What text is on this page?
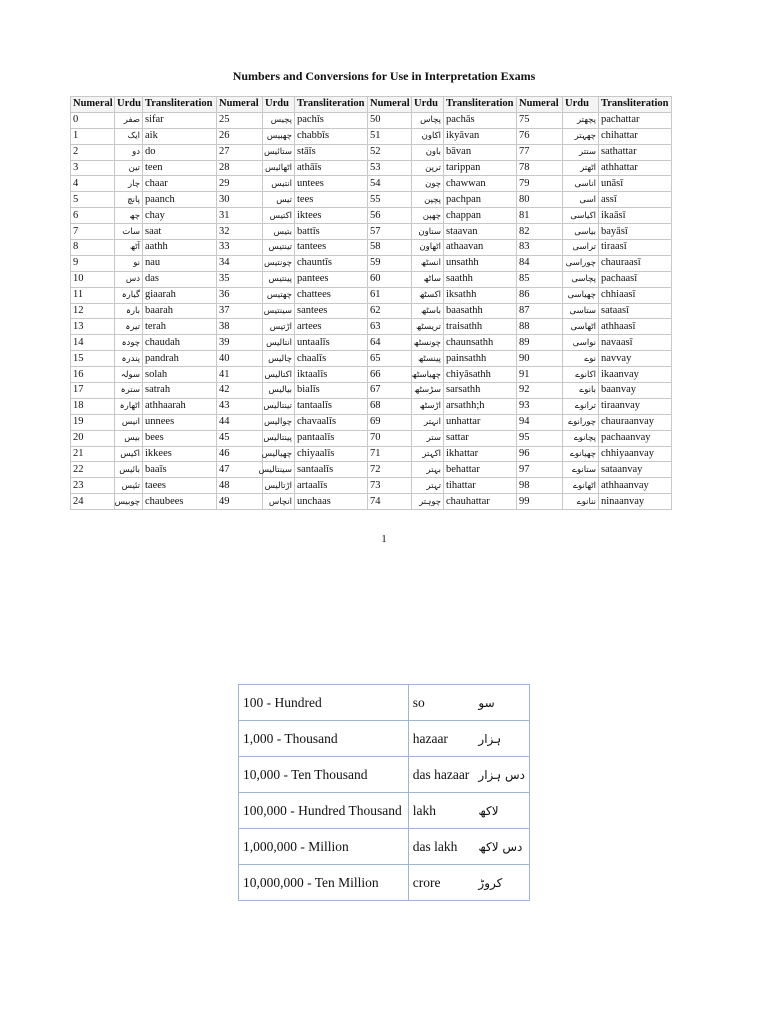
Numbers and Conversions for Use in Interpretation Exams
Numeral	Urdu	Transliteration	Numeral	Urdu	Transliteration	Numeral	Urdu	Transliteration	Numeral	Urdu	Transliteration
0	صفر	sifar	25	پچیس	pachīs	50	پچاس	pachās	75	پچھتر	pachattar
1	ایک	aik	26	چھبیس	chabbīs	51	اکاون	ikyāvan	76	چھہتر	chihattar
2	دو	do	27	ستائیس	stāīs	52	باون	bāvan	77	ستتر	sathattar
3	تین	teen	28	اٹھائیس	athāīs	53	ترپن	tarippan	78	اٹھتر	athhattar
4	چار	chaar	29	انتیس	untees	54	چون	chawwan	79	اناسی	unāsī
5	پانچ	paanch	30	تیس	tees	55	پچپن	pachpan	80	اسی	assī
6	چھ	chay	31	اکتیس	iktees	56	چھپن	chappan	81	اکیاسی	ikaāsī
7	سات	saat	32	بتیس	battīs	57	ستاون	staavan	82	بیاسی	bayāsī
8	آٹھ	aathh	33	تینتیس	tantees	58	اٹھاون	athaavan	83	تراسی	tiraasī
9	نو	nau	34	چونتیس	chauntīs	59	انسٹھ	unsathh	84	چوراسی	chauraasī
10	دس	das	35	پینتیس	pantees	60	ساٹھ	saathh	85	پچاسی	pachaasī
11	گیارہ	giaarah	36	چھتیس	chattees	61	اکسٹھ	iksathh	86	چھیاسی	chhiaasī
12	بارہ	baarah	37	سینتیس	santees	62	باسٹھ	baasathh	87	ستاسی	sataasī
13	تیرہ	terah	38	اڑتیس	artees	63	تریسٹھ	traisathh	88	اٹھاسی	athhaasī
14	چودہ	chaudah	39	انتالیس	untaalīs	64	چونسٹھ	chaunsathh	89	نواسی	navaasī
15	پندرہ	pandrah	40	چالیس	chaalīs	65	پینسٹھ	painsathh	90	نوے	navvay
16	سولہ	solah	41	اکتالیس	iktaalīs	66	چھیاسٹھ	chiyāsathh	91	اکانوے	ikaanvay
17	سترہ	satrah	42	بیالیس	bialīs	67	سڑسٹھ	sarsathh	92	بانوے	baanvay
18	اٹھارہ	athhaarah	43	تینتالیس	tantaalīs	68	اڑسٹھ	arsathh;h	93	ترانوے	tiraanvay
19	انیس	unnees	44	چوالیس	chavaalīs	69	انہتر	unhattar	94	چورانوے	chauraanvay
20	بیس	bees	45	پینتالیس	pantaalīs	70	ستر	sattar	95	پچانوے	pachaanvay
21	اکیس	ikkees	46	چھیالیس	chiyaalīs	71	اکہتر	ikhattar	96	چھیانوے	chhiyaanvay
22	بائیس	baaīs	47	سینتالیس	santaalīs	72	بہتر	behattar	97	ستانوے	sataanvay
23	تئیس	taees	48	اڑتالیس	artaalīs	73	تہتر	tihattar	98	اٹھانوے	athhaanvay
24	چوبیس	chaubees	49	انچاس	unchaas	74	چوہتر	chauhattar	99	ننانوے	ninaanvay
1
100 - Hundred	so	سو
1,000 - Thousand	hazaar	ہزار
10,000 - Ten Thousand	das hazaar	دس ہزار
100,000 - Hundred Thousand	lakh	لاکھ
1,000,000 - Million	das lakh	دس لاکھ
10,000,000 - Ten Million	crore	کروڑ
